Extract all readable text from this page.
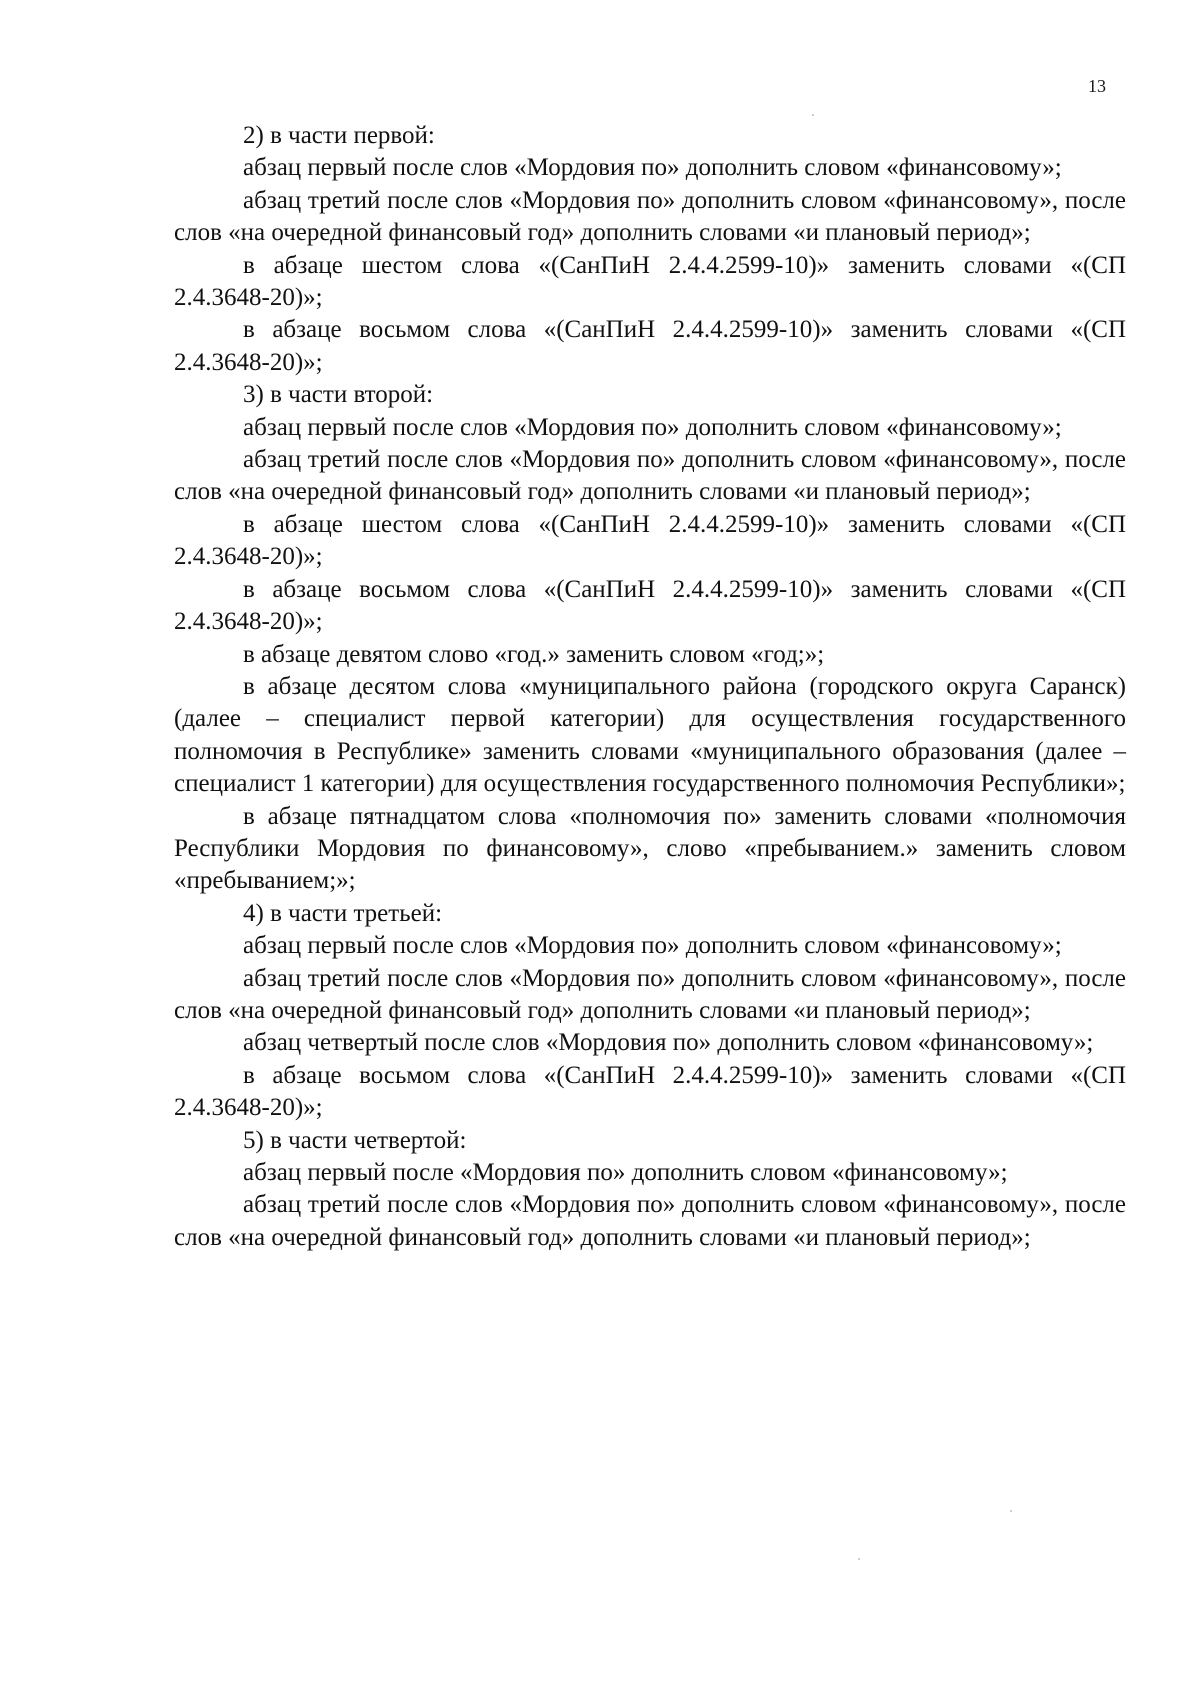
13

2) в части первой:

абзац первый после слов «Мордовия по» дополнить словом «финансовому»;

абзац третий после слов «Мордовия по» дополнить словом «финансовому», после слов «на очередной финансовый год» дополнить словами «и плановый период»;

в абзаце шестом слова «(СанПиН 2.4.4.2599-10)» заменить словами «(СП 2.4.3648-20)»;

в абзаце восьмом слова «(СанПиН 2.4.4.2599-10)» заменить словами «(СП 2.4.3648-20)»;

3) в части второй:

абзац первый после слов «Мордовия по» дополнить словом «финансовому»;

абзац третий после слов «Мордовия по» дополнить словом «финансовому», после слов «на очередной финансовый год» дополнить словами «и плановый период»;

в абзаце шестом слова «(СанПиН 2.4.4.2599-10)» заменить словами «(СП 2.4.3648-20)»;

в абзаце восьмом слова «(СанПиН 2.4.4.2599-10)» заменить словами «(СП 2.4.3648-20)»;

в абзаце девятом слово «год.» заменить словом «год;»;

в абзаце десятом слова «муниципального района (городского округа Саранск) (далее – специалист первой категории) для осуществления государственного полномочия в Республике» заменить словами «муниципального образования (далее – специалист 1 категории) для осуществления государственного полномочия Республики»;

в абзаце пятнадцатом слова «полномочия по» заменить словами «полномочия Республики Мордовия по финансовому», слово «пребыванием.» заменить словом «пребыванием;»;

4) в части третьей:

абзац первый после слов «Мордовия по» дополнить словом «финансовому»;

абзац третий после слов «Мордовия по» дополнить словом «финансовому», после слов «на очередной финансовый год» дополнить словами «и плановый период»;

абзац четвертый после слов «Мордовия по» дополнить словом «финансовому»;

в абзаце восьмом слова «(СанПиН 2.4.4.2599-10)» заменить словами «(СП 2.4.3648-20)»;

5) в части четвертой:

абзац первый после «Мордовия по» дополнить словом «финансовому»;

абзац третий после слов «Мордовия по» дополнить словом «финансовому», после слов «на очередной финансовый год» дополнить словами «и плановый период»;
